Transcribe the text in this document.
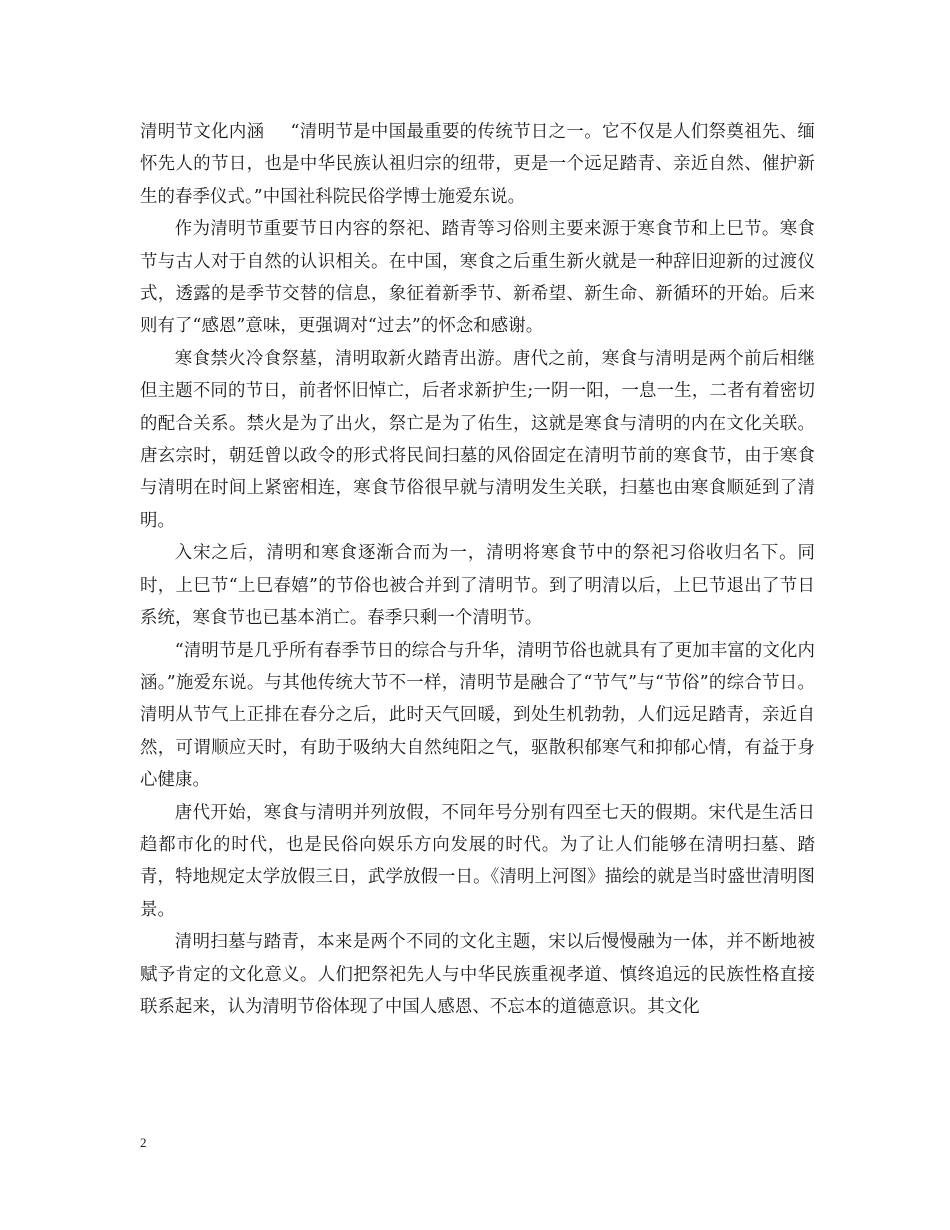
清明节文化内涵 “清明节是中国最重要的传统节日之一。它不仅是人们祭奠祖先、缅怀先人的节日，也是中华民族认祖归宗的纽带，更是一个远足踏青、亲近自然、催护新生的春季仪式。”中国社科院民俗学博士施爱东说。

作为清明节重要节日内容的祭祀、踏青等习俗则主要来源于寒食节和上巳节。寒食节与古人对于自然的认识相关。在中国，寒食之后重生新火就是一种辞旧迎新的过渡仪式，透露的是季节交替的信息，象征着新季节、新希望、新生命、新循环的开始。后来则有了“感恩”意味，更强调对“过去”的怀念和感谢。

寒食禁火冷食祭墓，清明取新火踏青出游。唐代之前，寒食与清明是两个前后相继但主题不同的节日，前者怀旧悼亡，后者求新护生;一阴一阳，一息一生，二者有着密切的配合关系。禁火是为了出火，祭亡是为了佑生，这就是寒食与清明的内在文化关联。唐玄宗时，朝廷曾以政令的形式将民间扫墓的风俗固定在清明节前的寒食节，由于寒食与清明在时间上紧密相连，寒食节俗很早就与清明发生关联，扫墓也由寒食顺延到了清明。

入宋之后，清明和寒食逐渐合而为一，清明将寒食节中的祭祀习俗收归名下。同时，上巳节“上巳春嬉”的节俗也被合并到了清明节。到了明清以后，上巳节退出了节日系统，寒食节也已基本消亡。春季只剩一个清明节。

“清明节是几乎所有春季节日的综合与升华，清明节俗也就具有了更加丰富的文化内涵。”施爱东说。与其他传统大节不一样，清明节是融合了“节气”与“节俗”的综合节日。清明从节气上正排在春分之后，此时天气回暖，到处生机勃勃，人们远足踏青，亲近自然，可谓顺应天时，有助于吸纳大自然纯阳之气，驱散积郁寒气和抑郁心情，有益于身心健康。

唐代开始，寒食与清明并列放假，不同年号分别有四至七天的假期。宋代是生活日趋都市化的时代，也是民俗向娱乐方向发展的时代。为了让人们能够在清明扫墓、踏青，特地规定太学放假三日，武学放假一日。《清明上河图》描绘的就是当时盛世清明图景。

清明扫墓与踏青，本来是两个不同的文化主题，宋以后慢慢融为一体，并不断地被赋予肯定的文化意义。人们把祭祀先人与中华民族重视孝道、慎终追远的民族性格直接联系起来，认为清明节俗体现了中国人感恩、不忘本的道德意识。其文化

2
